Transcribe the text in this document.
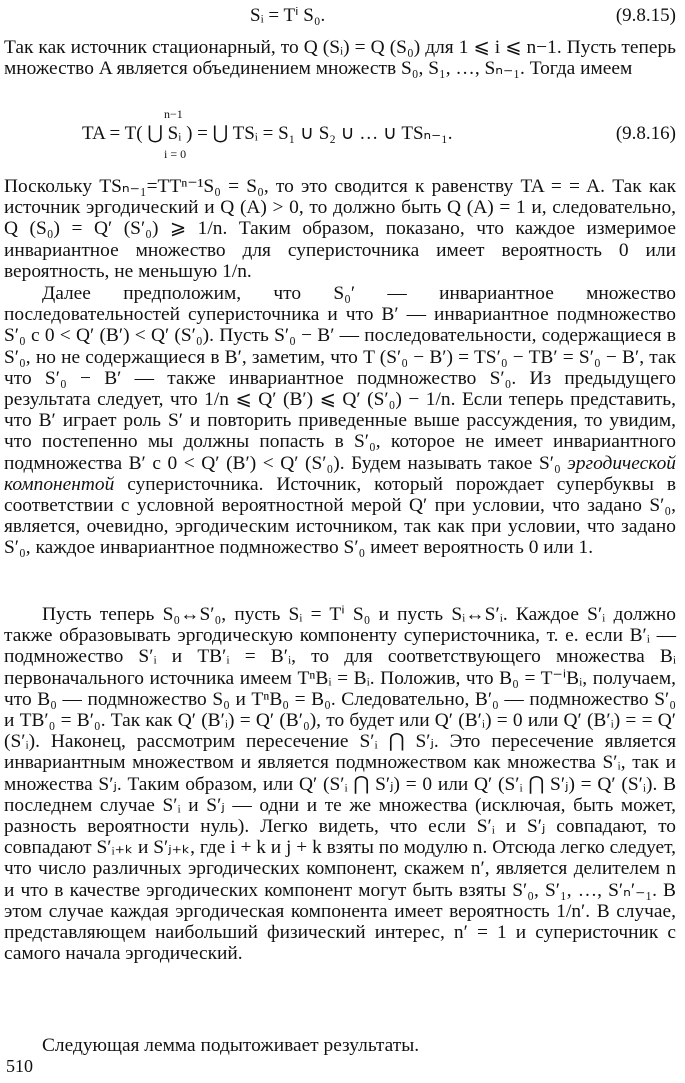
Sᵢ = Tⁱ S₀.	(9.8.15)

Так как источник стационарный, то Q (Sᵢ) = Q (S₀) для 1 ⩽ i ⩽ n−1. Пусть теперь множество A является объединением множеств S₀, S₁, …, Sₙ₋₁. Тогда имеем

TA = T( ⋃ Sᵢ ) = ⋃ TSᵢ = S₁ ∪ S₂ ∪ … ∪ TSₙ₋₁.
n−1
i = 0
(9.8.16)

Поскольку TSₙ₋₁=TTⁿ⁻¹S₀ = S₀, то это сводится к равенству TA = = A. Так как источник эргодический и Q (A) > 0, то должно быть Q (A) = 1 и, следовательно, Q (S₀) = Q′ (S′₀) ⩾ 1/n. Таким образом, показано, что каждое измеримое инвариантное множество для суперисточника имеет вероятность 0 или вероятность, не меньшую 1/n.

Далее предположим, что S₀′ — инвариантное множество последовательностей суперисточника и что B′ — инвариантное подмножество S′₀ с 0 < Q′ (B′) < Q′ (S′₀). Пусть S′₀ − B′ — последовательности, содержащиеся в S′₀, но не содержащиеся в B′, заметим, что T (S′₀ − B′) = TS′₀ − TB′ = S′₀ − B′, так что S′₀ − B′ — также инвариантное подмножество S′₀. Из предыдущего результата следует, что 1/n ⩽ Q′ (B′) ⩽ Q′ (S′₀) − 1/n. Если теперь представить, что B′ играет роль S′ и повторить приведенные выше рассуждения, то увидим, что постепенно мы должны попасть в S′₀, которое не имеет инвариантного подмножества B′ с 0 < Q′ (B′) < Q′ (S′₀). Будем называть такое S′₀ эргодической компонентой суперисточника. Источник, который порождает супербуквы в соответствии с условной вероятностной мерой Q′ при условии, что задано S′₀, является, очевидно, эргодическим источником, так как при условии, что задано S′₀, каждое инвариантное подмножество S′₀ имеет вероятность 0 или 1.

Пусть теперь S₀↔S′₀, пусть Sᵢ = Tⁱ S₀ и пусть Sᵢ↔S′ᵢ. Каждое S′ᵢ должно также образовывать эргодическую компоненту суперисточника, т. е. если B′ᵢ — подмножество S′ᵢ и TB′ᵢ = B′ᵢ, то для соответствующего множества Bᵢ первоначального источника имеем TⁿBᵢ = Bᵢ. Положив, что B₀ = T⁻ⁱBᵢ, получаем, что B₀ — подмножество S₀ и TⁿB₀ = B₀. Следовательно, B′₀ — подмножество S′₀ и TB′₀ = B′₀. Так как Q′ (B′ᵢ) = Q′ (B′₀), то будет или Q′ (B′ᵢ) = 0 или Q′ (B′ᵢ) = = Q′ (S′ᵢ). Наконец, рассмотрим пересечение S′ᵢ ⋂ S′ⱼ. Это пересечение является инвариантным множеством и является подмножеством как множества S′ᵢ, так и множества S′ⱼ. Таким образом, или Q′ (S′ᵢ ⋂ S′ⱼ) = 0 или Q′ (S′ᵢ ⋂ S′ⱼ) = Q′ (S′ᵢ). В последнем случае S′ᵢ и S′ⱼ — одни и те же множества (исключая, быть может, разность вероятности нуль). Легко видеть, что если S′ᵢ и S′ⱼ совпадают, то совпадают S′ᵢ₊ₖ и S′ⱼ₊ₖ, где i + k и j + k взяты по модулю n. Отсюда легко следует, что число различных эргодических компонент, скажем n′, является делителем n и что в качестве эргодических компонент могут быть взяты S′₀, S′₁, …, S′ₙ′₋₁. В этом случае каждая эргодическая компонента имеет вероятность 1/n′. В случае, представляющем наибольший физический интерес, n′ = 1 и суперисточник с самого начала эргодический.

Следующая лемма подытоживает результаты.

510
